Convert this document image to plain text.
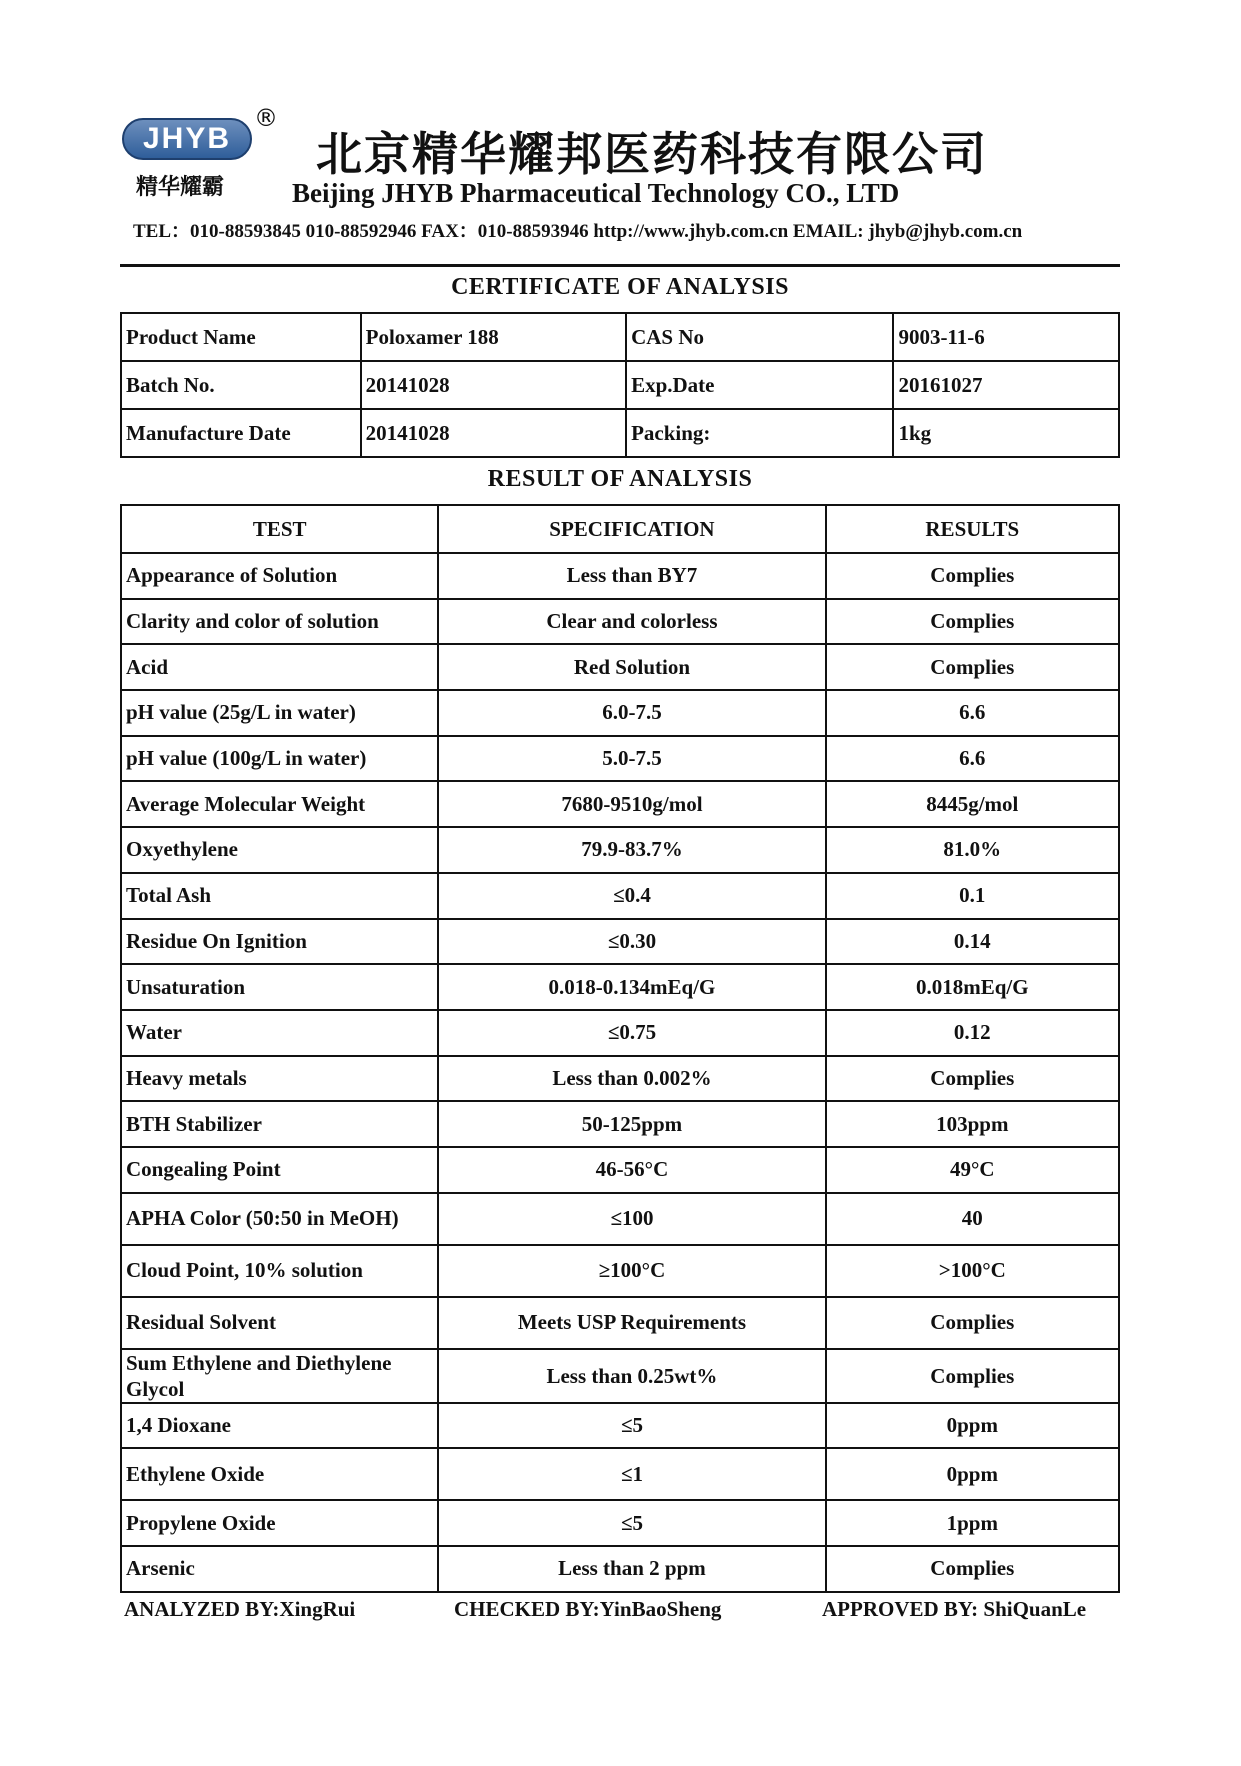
JHYB
®
精华耀霸
北京精华耀邦医药科技有限公司
Beijing JHYB Pharmaceutical Technology CO., LTD
TEL：010-88593845 010-88592946 FAX：010-88593946 http://www.jhyb.com.cn EMAIL: jhyb@jhyb.com.cn
CERTIFICATE OF ANALYSIS
Product Name	Poloxamer 188	CAS No	9003-11-6
Batch No.	20141028	Exp.Date	20161027
Manufacture Date	20141028	Packing:	1kg
RESULT OF ANALYSIS
TEST	SPECIFICATION	RESULTS
Appearance of Solution	Less than BY7	Complies
Clarity and color of solution	Clear and colorless	Complies
Acid	Red Solution	Complies
pH value (25g/L in water)	6.0-7.5	6.6
pH value (100g/L in water)	5.0-7.5	6.6
Average Molecular Weight	7680-9510g/mol	8445g/mol
Oxyethylene	79.9-83.7%	81.0%
Total Ash	≤0.4	0.1
Residue On Ignition	≤0.30	0.14
Unsaturation	0.018-0.134mEq/G	0.018mEq/G
Water	≤0.75	0.12
Heavy metals	Less than 0.002%	Complies
BTH Stabilizer	50-125ppm	103ppm
Congealing Point	46-56°C	49°C
APHA Color (50:50 in MeOH)	≤100	40
Cloud Point, 10% solution	≥100°C	>100°C
Residual Solvent	Meets USP Requirements	Complies
Sum Ethylene and Diethylene Glycol	Less than 0.25wt%	Complies
1,4 Dioxane	≤5	0ppm
Ethylene Oxide	≤1	0ppm
Propylene Oxide	≤5	1ppm
Arsenic	Less than 2 ppm	Complies
ANALYZED BY:XingRui	CHECKED BY:YinBaoSheng	APPROVED BY: ShiQuanLe
